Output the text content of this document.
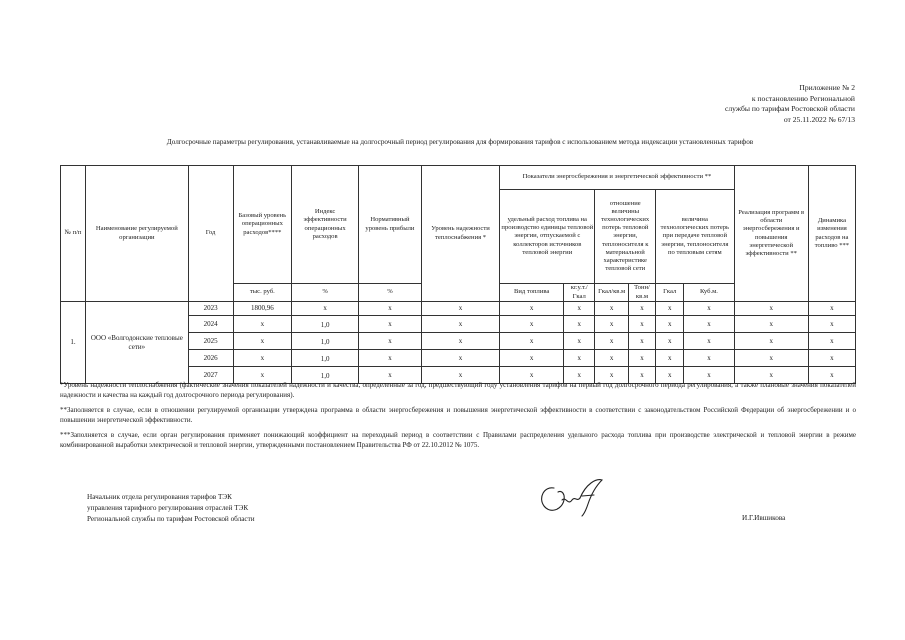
Приложение № 2
к постановлению Региональной
службы по тарифам Ростовской области
от 25.11.2022 № 67/13
Долгосрочные параметры регулирования, устанавливаемые на долгосрочный период регулирования для формирования тарифов с использованием метода индексации установленных тарифов
№ п/п	Наименование регулируемой организации	Год	Базовый уровень операционных расходов****	Индекс эффективности операционных расходов	Нормативный уровень прибыли	Уровень надежности теплоснабжения *	Показатели энергосбережения и энергетической эффективности **						Реализация программ в области энергосбережения и повышения энергетической эффективности **	Динамика изменения расходов на топливо ***
							удельный расход топлива на производство единицы тепловой энергии, отпускаемой с коллекторов источников тепловой энергии		отношение величины технологических потерь тепловой энергии, теплоносителя к материальной характеристике тепловой сети		величина технологических потерь при передаче тепловой энергии, теплоносителя по тепловым сетям			
			тыс. руб.	%	%		Вид топлива	кг.у.т./Гкал	Гкал/кв.м	Тонн/кв.м	Гкал	Куб.м.		
1.	ООО «Волгодонские тепловые сети»	2023	1800,96	x	x	x	x	x	x	x	x	x	x	x
		2024	x	1,0	x	x	x	x	x	x	x	x	x	x
		2025	x	1,0	x	x	x	x	x	x	x	x	x	x
		2026	x	1,0	x	x	x	x	x	x	x	x	x	x
		2027	x	1,0	x	x	x	x	x	x	x	x	x	x

*Уровень надежности теплоснабжения (фактические значения показателей надежности и качества, определенные за год, предшествующий году установления тарифов на первый год долгосрочного периода регулирования, а также плановые значения показателей надежности и качества на каждый год долгосрочного периода регулирования).

**Заполняется в случае, если в отношении регулируемой организации утверждена программа в области энергосбережения и повышения энергетической эффективности в соответствии с законодательством Российской Федерации об энергосбережении и о повышении энергетической эффективности.

***Заполняется в случае, если орган регулирования применяет понижающий коэффициент на переходный период в соответствии с Правилами распределения удельного расхода топлива при производстве электрической и тепловой энергии в режиме комбинированной выработки электрической и тепловой энергии, утвержденными постановлением Правительства РФ от 22.10.2012 № 1075.

Начальник отдела регулирования тарифов ТЭК
управления тарифного регулирования отраслей ТЭК
Региональной службы по тарифам Ростовской области	И.Г.Ившикова
